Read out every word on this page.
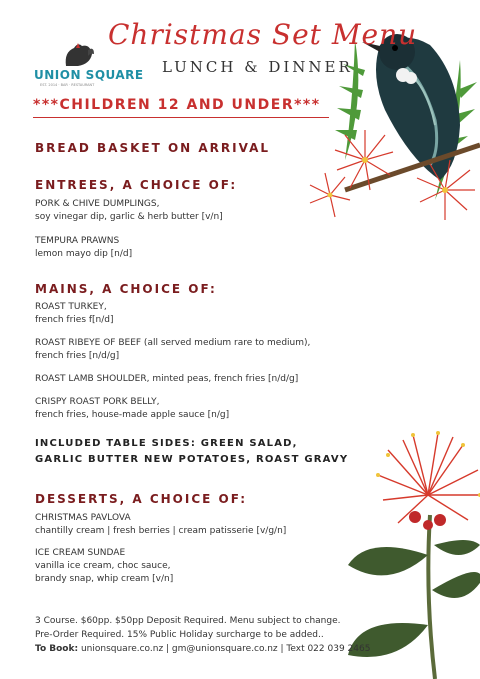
Christmas Set Menu
LUNCH & DINNER
UNION SQUARE
EST. 2014 · BAR · RESTAURANT
***CHILDREN 12 AND UNDER***
BREAD BASKET ON ARRIVAL
ENTREES, A CHOICE OF:
PORK & CHIVE DUMPLINGS,
soy vinegar dip, garlic & herb butter [v/n]
TEMPURA PRAWNS
lemon mayo dip [n/d]
MAINS, A CHOICE OF:
ROAST TURKEY,
french fries f[n/d]
ROAST RIBEYE OF BEEF (all served medium rare to medium),
french fries [n/d/g]
ROAST LAMB SHOULDER, minted peas, french fries [n/d/g]
CRISPY ROAST PORK BELLY,
french fries, house-made apple sauce [n/g]
INCLUDED TABLE SIDES: GREEN SALAD,
GARLIC BUTTER NEW POTATOES, ROAST GRAVY
DESSERTS, A CHOICE OF:
CHRISTMAS PAVLOVA
chantilly cream | fresh berries | cream patisserie [v/g/n]
ICE CREAM SUNDAE
vanilla ice cream, choc sauce,
brandy snap, whip cream [v/n]
3 Course. $60pp. $50pp Deposit Required. Menu subject to change.
Pre-Order Required. 15% Public Holiday surcharge to be added..
To Book: unionsquare.co.nz | gm@unionsquare.co.nz | Text 022 039 2465
